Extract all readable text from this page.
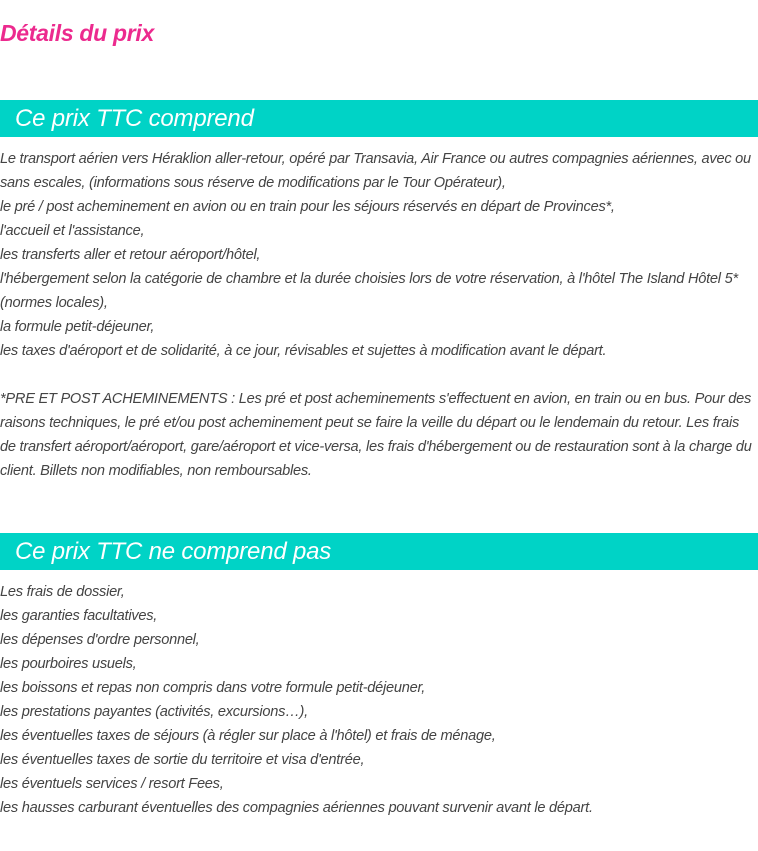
Détails du prix
Ce prix TTC comprend
Le transport aérien vers Héraklion aller-retour, opéré par Transavia, Air France ou autres compagnies aériennes, avec ou sans escales, (informations sous réserve de modifications par le Tour Opérateur),
le pré / post acheminement en avion ou en train pour les séjours réservés en départ de Provinces*,
l'accueil et l'assistance,
les transferts aller et retour aéroport/hôtel,
l'hébergement selon la catégorie de chambre et la durée choisies lors de votre réservation, à l'hôtel The Island Hôtel 5* (normes locales),
la formule petit-déjeuner,
les taxes d'aéroport et de solidarité, à ce jour, révisables et sujettes à modification avant le départ.

*PRE ET POST ACHEMINEMENTS : Les pré et post acheminements s'effectuent en avion, en train ou en bus. Pour des raisons techniques, le pré et/ou post acheminement peut se faire la veille du départ ou le lendemain du retour. Les frais de transfert aéroport/aéroport, gare/aéroport et vice-versa, les frais d'hébergement ou de restauration sont à la charge du client. Billets non modifiables, non remboursables.

Ce prix TTC ne comprend pas
Les frais de dossier,
les garanties facultatives,
les dépenses d'ordre personnel,
les pourboires usuels,
les boissons et repas non compris dans votre formule petit-déjeuner,
les prestations payantes (activités, excursions…),
les éventuelles taxes de séjours (à régler sur place à l'hôtel) et frais de ménage,
les éventuelles taxes de sortie du territoire et visa d'entrée,
les éventuels services / resort Fees,
les hausses carburant éventuelles des compagnies aériennes pouvant survenir avant le départ.
